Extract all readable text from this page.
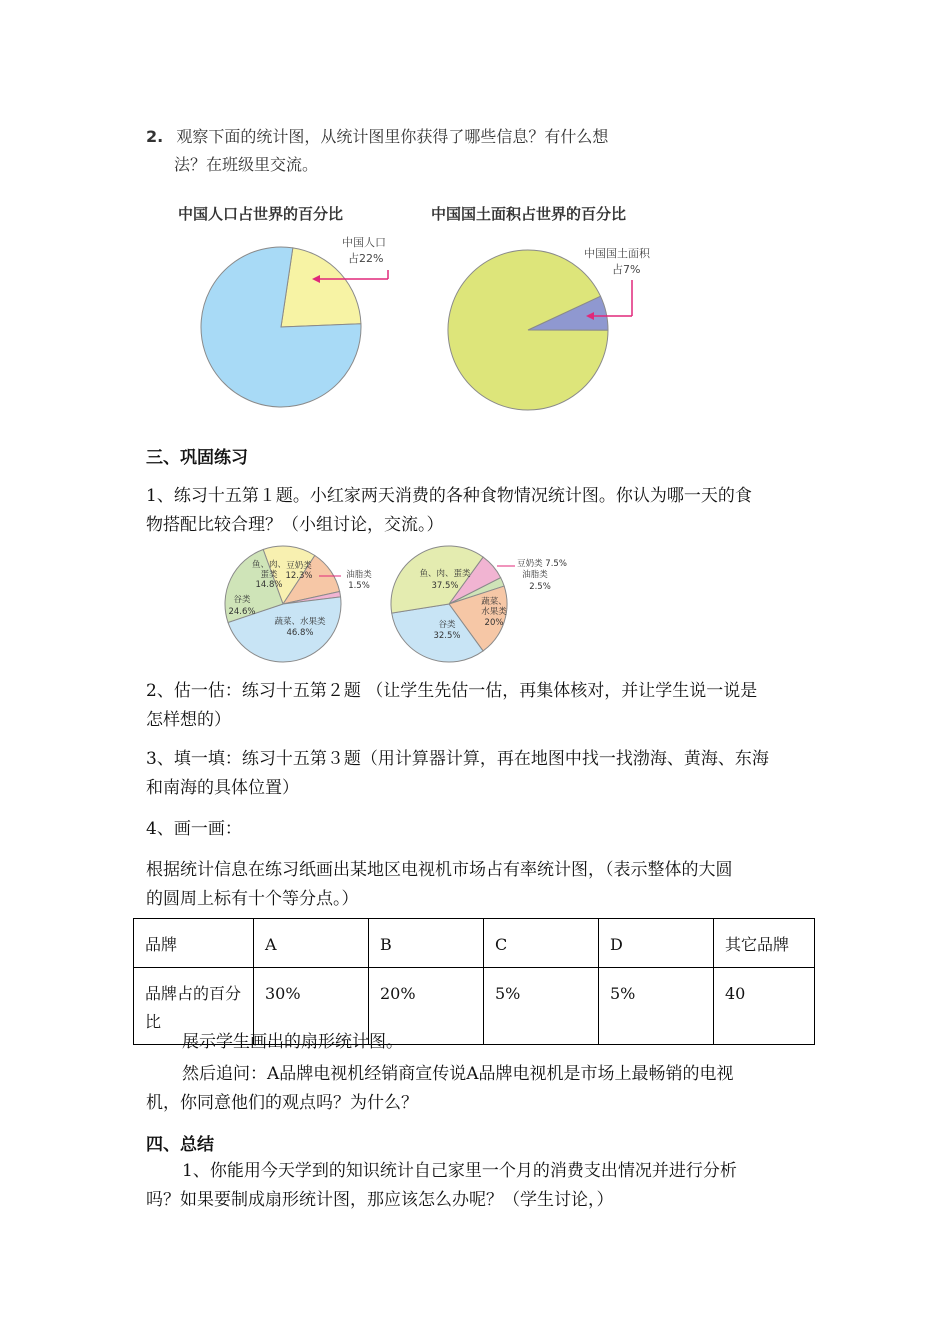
2. 观察下面的统计图，从统计图里你获得了哪些信息？有什么想
法？在班级里交流。
中国人口占世界的百分比	中国国土面积占世界的百分比
中国人口
占22%	中国国土面积
占7%
三、巩固练习
1、练习十五第１题。小红家两天消费的各种食物情况统计图。你认为哪一天的食
物搭配比较合理？（小组讨论，交流。）
鱼、肉、
蛋类
14.8%
豆奶类
12.3%	油脂类
1.5%
谷类
24.6%
蔬菜、水果类
46.8%
鱼、肉、蛋类
37.5%
豆奶类 7.5%
油脂类
2.5%
蔬菜、
水果类
20%
谷类
32.5%
2、估一估：练习十五第２题 （让学生先估一估，再集体核对，并让学生说一说是
怎样想的）
3、填一填：练习十五第３题（用计算器计算，再在地图中找一找渤海、黄海、东海
和南海的具体位置）
4、画一画：
根据统计信息在练习纸画出某地区电视机市场占有率统计图，（表示整体的大圆
的圆周上标有十个等分点。）
品牌	A	B	C	D	其它品牌
品牌占的百分比	30%	20%	5%	5%	40
展示学生画出的扇形统计图。
然后追问：A品牌电视机经销商宣传说A品牌电视机是市场上最畅销的电视
机，你同意他们的观点吗？为什么？
四、总结
1、你能用今天学到的知识统计自己家里一个月的消费支出情况并进行分析
吗？如果要制成扇形统计图，那应该怎么办呢？（学生讨论，）
